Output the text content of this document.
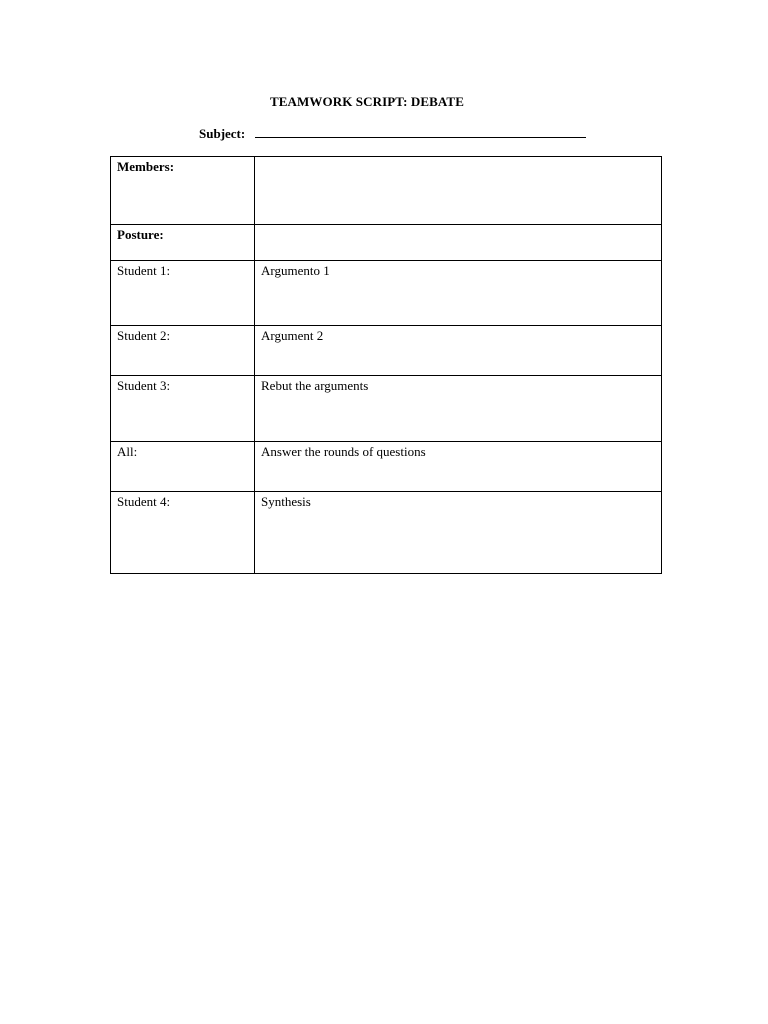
TEAMWORK SCRIPT: DEBATE
Subject:
Members:	
Posture:	
Student 1:	Argumento 1
Student 2:	Argument 2
Student 3:	Rebut the arguments
All:	Answer the rounds of questions
Student 4:	Synthesis
